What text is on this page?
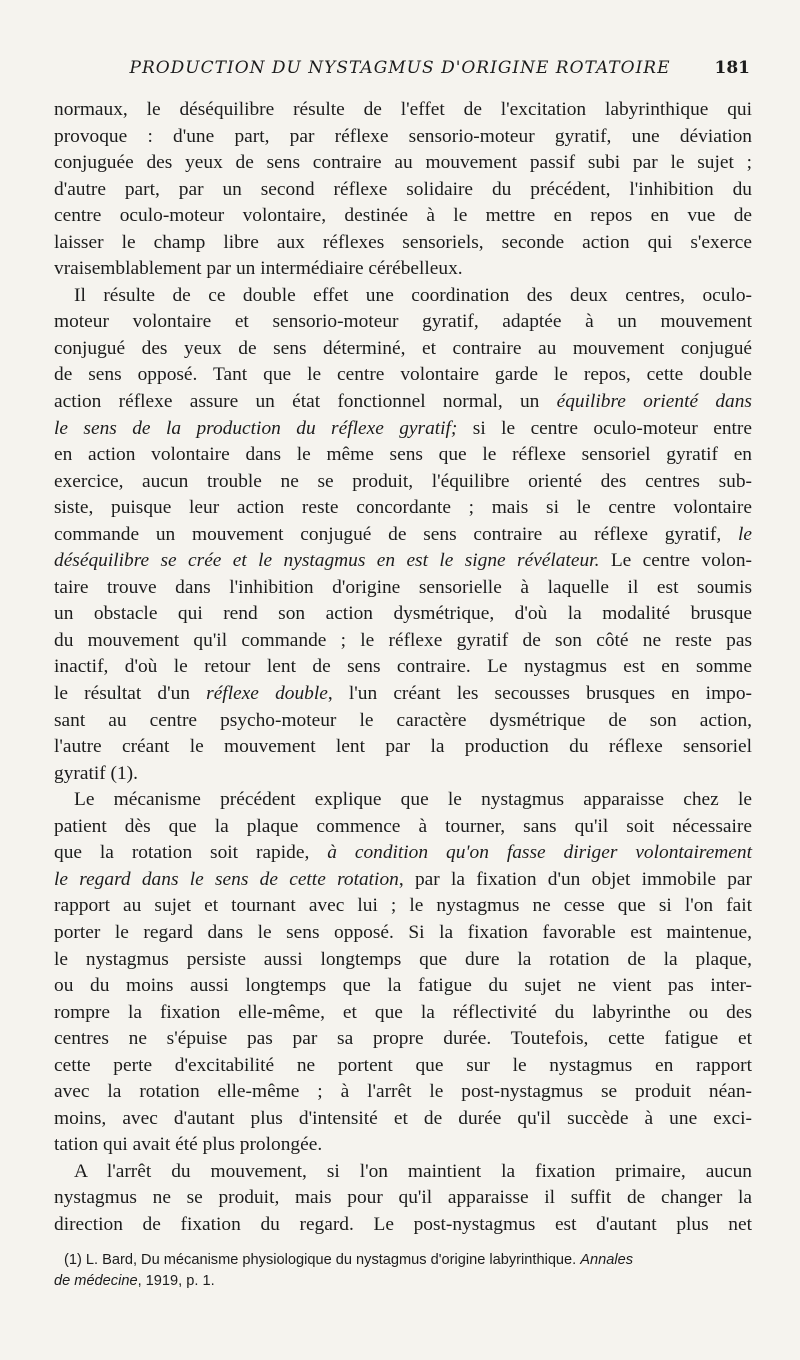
PRODUCTION DU NYSTAGMUS D'ORIGINE ROTATOIRE	181
normaux, le déséquilibre résulte de l'effet de l'excitation labyrinthique qui
provoque : d'une part, par réflexe sensorio-moteur gyratif, une déviation
conjuguée des yeux de sens contraire au mouvement passif subi par le sujet ;
d'autre part, par un second réflexe solidaire du précédent, l'inhibition du
centre oculo-moteur volontaire, destinée à le mettre en repos en vue de
laisser le champ libre aux réflexes sensoriels, seconde action qui s'exerce
vraisemblablement par un intermédiaire cérébelleux.
Il résulte de ce double effet une coordination des deux centres, oculo-
moteur volontaire et sensorio-moteur gyratif, adaptée à un mouvement
conjugué des yeux de sens déterminé, et contraire au mouvement conjugué
de sens opposé. Tant que le centre volontaire garde le repos, cette double
action réflexe assure un état fonctionnel normal, un équilibre orienté dans
le sens de la production du réflexe gyratif; si le centre oculo-moteur entre
en action volontaire dans le même sens que le réflexe sensoriel gyratif en
exercice, aucun trouble ne se produit, l'équilibre orienté des centres sub-
siste, puisque leur action reste concordante ; mais si le centre volontaire
commande un mouvement conjugué de sens contraire au réflexe gyratif, le
déséquilibre se crée et le nystagmus en est le signe révélateur. Le centre volon-
taire trouve dans l'inhibition d'origine sensorielle à laquelle il est soumis
un obstacle qui rend son action dysmétrique, d'où la modalité brusque
du mouvement qu'il commande ; le réflexe gyratif de son côté ne reste pas
inactif, d'où le retour lent de sens contraire. Le nystagmus est en somme
le résultat d'un réflexe double, l'un créant les secousses brusques en impo-
sant au centre psycho-moteur le caractère dysmétrique de son action,
l'autre créant le mouvement lent par la production du réflexe sensoriel
gyratif (1).
Le mécanisme précédent explique que le nystagmus apparaisse chez le
patient dès que la plaque commence à tourner, sans qu'il soit nécessaire
que la rotation soit rapide, à condition qu'on fasse diriger volontairement
le regard dans le sens de cette rotation, par la fixation d'un objet immobile par
rapport au sujet et tournant avec lui ; le nystagmus ne cesse que si l'on fait
porter le regard dans le sens opposé. Si la fixation favorable est maintenue,
le nystagmus persiste aussi longtemps que dure la rotation de la plaque,
ou du moins aussi longtemps que la fatigue du sujet ne vient pas inter-
rompre la fixation elle-même, et que la réflectivité du labyrinthe ou des
centres ne s'épuise pas par sa propre durée. Toutefois, cette fatigue et
cette perte d'excitabilité ne portent que sur le nystagmus en rapport
avec la rotation elle-même ; à l'arrêt le post-nystagmus se produit néan-
moins, avec d'autant plus d'intensité et de durée qu'il succède à une exci-
tation qui avait été plus prolongée.
A l'arrêt du mouvement, si l'on maintient la fixation primaire, aucun
nystagmus ne se produit, mais pour qu'il apparaisse il suffit de changer la
direction de fixation du regard. Le post-nystagmus est d'autant plus net
(1) L. Bard, Du mécanisme physiologique du nystagmus d'origine labyrinthique. Annales
de médecine, 1919, p. 1.
